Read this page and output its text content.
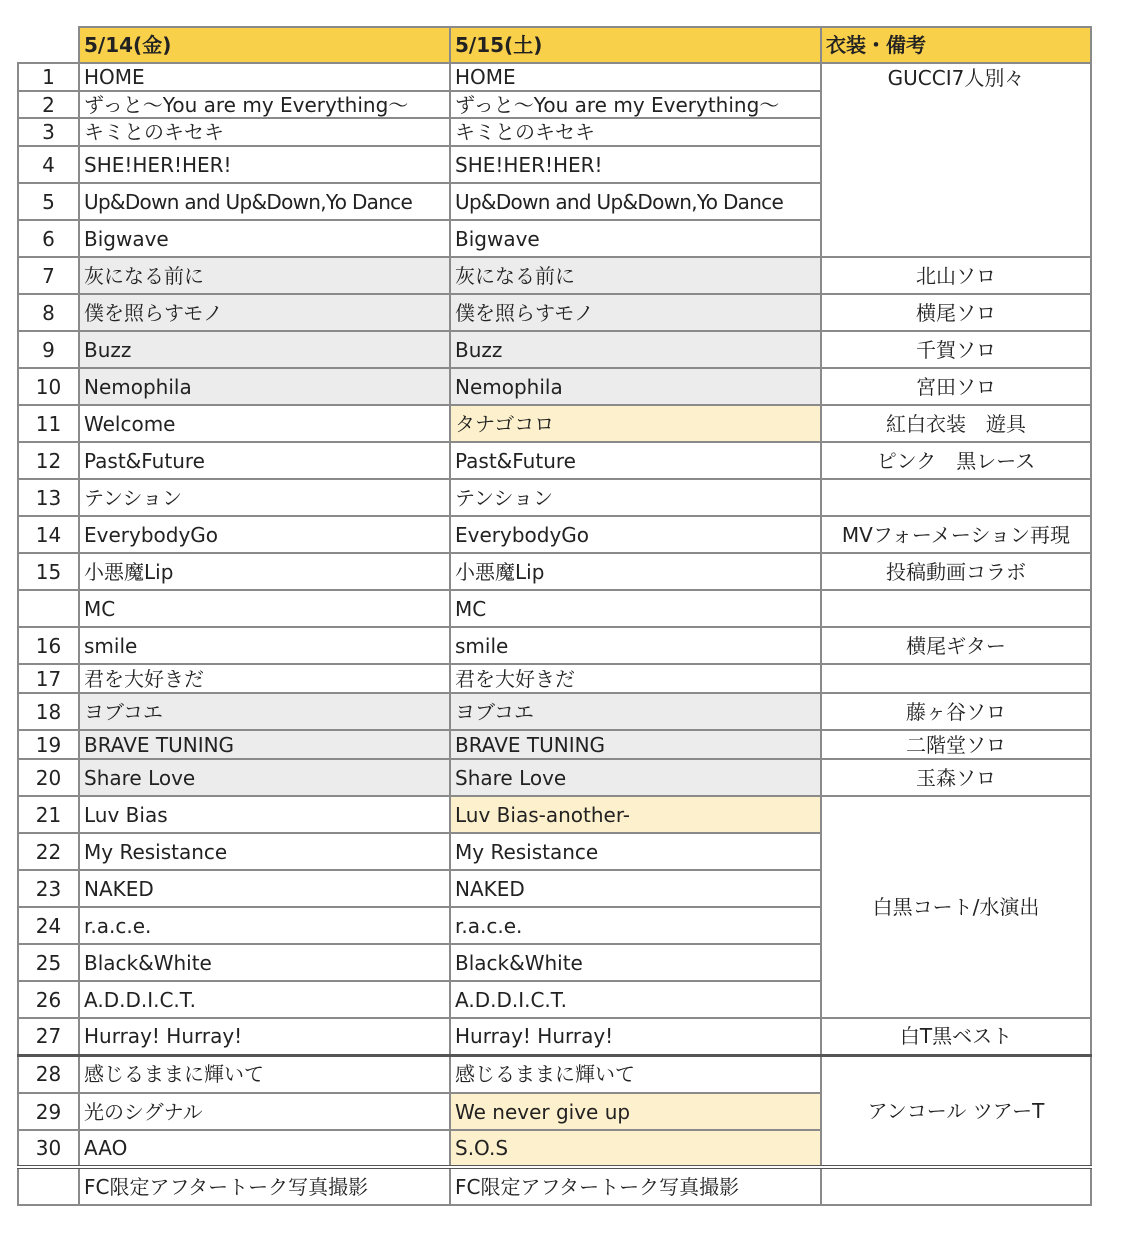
	5/14(金)	5/15(土)	衣装・備考
1	HOME	HOME	GUCCI7人別々
2	ずっと〜You are my Everything〜	ずっと〜You are my Everything〜	
3	キミとのキセキ	キミとのキセキ	
4	SHE!HER!HER!	SHE!HER!HER!	
5	Up&Down and Up&Down,Yo Dance	Up&Down and Up&Down,Yo Dance	
6	Bigwave	Bigwave	
7	灰になる前に	灰になる前に	北山ソロ
8	僕を照らすモノ	僕を照らすモノ	横尾ソロ
9	Buzz	Buzz	千賀ソロ
10	Nemophila	Nemophila	宮田ソロ
11	Welcome	タナゴコロ	紅白衣装　遊具
12	Past&Future	Past&Future	ピンク　黒レース
13	テンション	テンション	
14	EverybodyGo	EverybodyGo	MVフォーメーション再現
15	小悪魔Lip	小悪魔Lip	投稿動画コラボ
	MC	MC	
16	smile	smile	横尾ギター
17	君を大好きだ	君を大好きだ	
18	ヨブコエ	ヨブコエ	藤ヶ谷ソロ
19	BRAVE TUNING	BRAVE TUNING	二階堂ソロ
20	Share Love	Share Love	玉森ソロ
21	Luv Bias	Luv Bias-another-	白黒コート/水演出
22	My Resistance	My Resistance	
23	NAKED	NAKED	
24	r.a.c.e.	r.a.c.e.	
25	Black&White	Black&White	
26	A.D.D.I.C.T.	A.D.D.I.C.T.	
27	Hurray! Hurray!	Hurray! Hurray!	白T黒ベスト
28	感じるままに輝いて	感じるままに輝いて	アンコール ツアーT
29	光のシグナル	We never give up	
30	AAO	S.O.S	
	FC限定アフタートーク写真撮影	FC限定アフタートーク写真撮影	
